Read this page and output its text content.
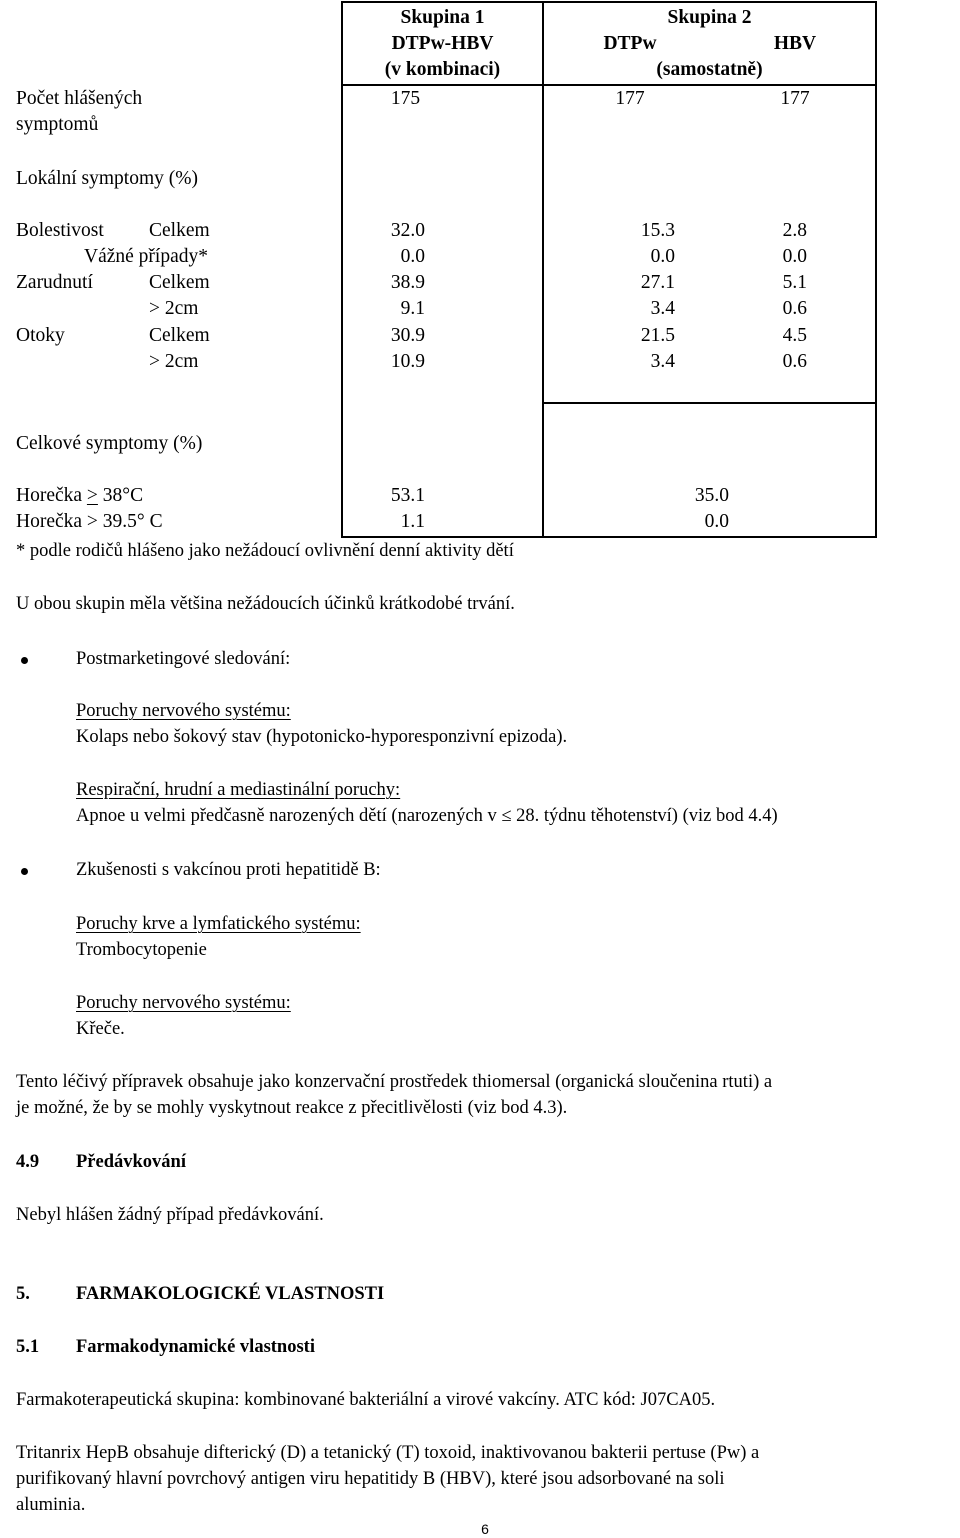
Skupina 1
DTPw-HBV
(v kombinaci)
Skupina 2
DTPw	HBV
(samostatně)
Počet hlášených
symptomů
175	177	177
Lokální symptomy (%)
Bolestivost Celkem	32.0	15.3	2.8
Vážné případy*	0.0	0.0	0.0
Zarudnutí	Celkem	38.9	27.1	5.1
> 2cm	9.1	3.4	0.6
Otoky	Celkem	30.9	21.5	4.5
> 2cm	10.9	3.4	0.6
Celkové symptomy (%)
Horečka ≥ 38°C	53.1	35.0
Horečka > 39.5° C	1.1	0.0
* podle rodičů hlášeno jako nežádoucí ovlivnění denní aktivity dětí
U obou skupin měla většina nežádoucích účinků krátkodobé trvání.
Postmarketingové sledování:
Poruchy nervového systému:
Kolaps nebo šokový stav (hypotonicko-hyporesponzivní epizoda).
Respirační, hrudní a mediastinální poruchy:
Apnoe u velmi předčasně narozených dětí (narozených v ≤ 28. týdnu těhotenství) (viz bod 4.4)
Zkušenosti s vakcínou proti hepatitidě B:
Poruchy krve a lymfatického systému:
Trombocytopenie
Poruchy nervového systému:
Křeče.
Tento léčivý přípravek obsahuje jako konzervační prostředek thiomersal (organická sloučenina rtuti) a
je možné, že by se mohly vyskytnout reakce z přecitlivělosti (viz bod 4.3).
4.9 Předávkování
Nebyl hlášen žádný případ předávkování.
5. FARMAKOLOGICKÉ VLASTNOSTI
5.1 Farmakodynamické vlastnosti
Farmakoterapeutická skupina: kombinované bakteriální a virové vakcíny. ATC kód: J07CA05.
Tritanrix HepB obsahuje difterický (D) a tetanický (T) toxoid, inaktivovanou bakterii pertuse (Pw) a
purifikovaný hlavní povrchový antigen viru hepatitidy B (HBV), které jsou adsorbované na soli
aluminia.
6
